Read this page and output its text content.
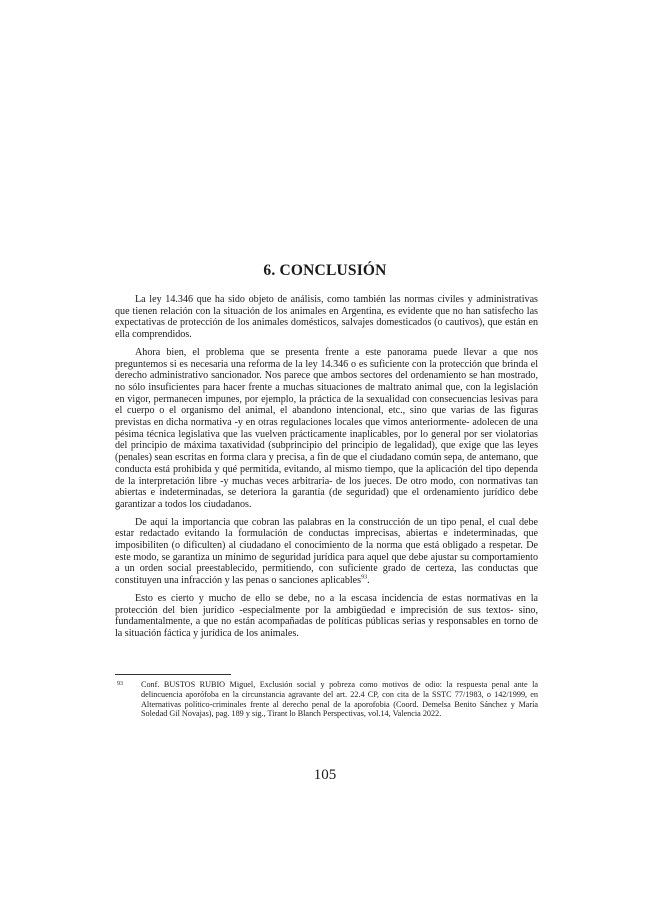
6. CONCLUSIÓN

La ley 14.346 que ha sido objeto de análisis, como también las normas civiles y administrativas que tienen relación con la situación de los animales en Argentina, es evidente que no han satisfecho las expectativas de protección de los animales domésticos, salvajes domesticados (o cautivos), que están en ella comprendidos.

Ahora bien, el problema que se presenta frente a este panorama puede llevar a que nos preguntemos si es necesaria una reforma de la ley 14.346 o es suficiente con la protección que brinda el derecho administrativo sancionador. Nos parece que ambos sectores del ordenamiento se han mostrado, no sólo insuficientes para hacer frente a muchas situaciones de maltrato animal que, con la legislación en vigor, permanecen impunes, por ejemplo, la práctica de la sexualidad con consecuencias lesivas para el cuerpo o el organismo del animal, el abandono intencional, etc., sino que varias de las figuras previstas en dicha normativa -y en otras regulaciones locales que vimos anteriormente- adolecen de una pésima técnica legislativa que las vuelven prácticamente inaplicables, por lo general por ser violatorias del principio de máxima taxatividad (subprincipio del principio de legalidad), que exige que las leyes (penales) sean escritas en forma clara y precisa, a fin de que el ciudadano común sepa, de antemano, que conducta está prohibida y qué permitida, evitando, al mismo tiempo, que la aplicación del tipo dependa de la interpretación libre -y muchas veces arbitraria- de los jueces. De otro modo, con normativas tan abiertas e indeterminadas, se deteriora la garantía (de seguridad) que el ordenamiento jurídico debe garantizar a todos los ciudadanos.

De aquí la importancia que cobran las palabras en la construcción de un tipo penal, el cual debe estar redactado evitando la formulación de conductas imprecisas, abiertas e indeterminadas, que imposibiliten (o dificulten) al ciudadano el conocimiento de la norma que está obligado a respetar. De este modo, se garantiza un mínimo de seguridad jurídica para aquel que debe ajustar su comportamiento a un orden social preestablecido, permitiendo, con suficiente grado de certeza, las conductas que constituyen una infracción y las penas o sanciones aplicables$^{93}$.

Esto es cierto y mucho de ello se debe, no a la escasa incidencia de estas normativas en la protección del bien jurídico -especialmente por la ambigüedad e imprecisión de sus textos- sino, fundamentalmente, a que no están acompañadas de políticas públicas serias y responsables en torno de la situación fáctica y jurídica de los animales.

93 Conf. BUSTOS RUBIO Miguel, Exclusión social y pobreza como motivos de odio: la respuesta penal ante la delincuencia aporófoba en la circunstancia agravante del art. 22.4 CP, con cita de la SSTC 77/1983, o 142/1999, en Alternativas político-criminales frente al derecho penal de la aporofobia (Coord. Demelsa Benito Sánchez y María Soledad Gil Novajas), pag. 189 y sig., Tirant lo Blanch Perspectivas, vol.14, Valencia 2022.
105
